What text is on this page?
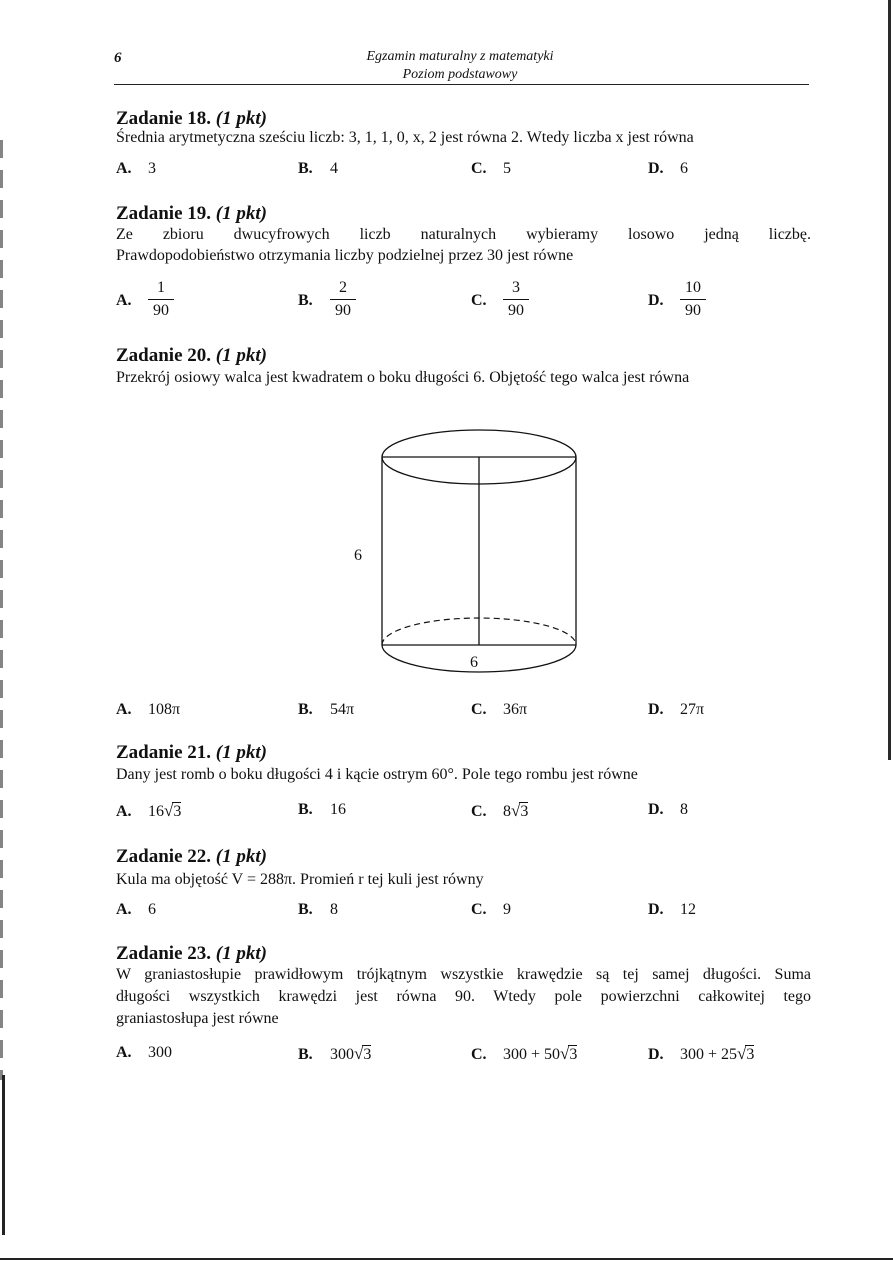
6	Egzamin maturalny z matematyki
Poziom podstawowy
Zadanie 18. (1 pkt)
Średnia arytmetyczna sześciu liczb: 3, 1, 1, 0, x, 2 jest równa 2. Wtedy liczba x jest równa
A. 3	B. 4	C. 5	D. 6
Zadanie 19. (1 pkt)
Ze zbioru dwucyfrowych liczb naturalnych wybieramy losowo jedną liczbę.
Prawdopodobieństwo otrzymania liczby podzielnej przez 30 jest równe
A. $\frac{1}{90}$	B. $\frac{2}{90}$	C. $\frac{3}{90}$	D. $\frac{10}{90}$
Zadanie 20. (1 pkt)
Przekrój osiowy walca jest kwadratem o boku długości 6. Objętość tego walca jest równa
6
6
A. 108π	B. 54π	C. 36π	D. 27π
Zadanie 21. (1 pkt)
Dany jest romb o boku długości 4 i kącie ostrym 60°. Pole tego rombu jest równe
A. 16√3	B. 16	C. 8√3	D. 8
Zadanie 22. (1 pkt)
Kula ma objętość V = 288π. Promień r tej kuli jest równy
A. 6	B. 8	C. 9	D. 12
Zadanie 23. (1 pkt)
W graniastosłupie prawidłowym trójkątnym wszystkie krawędzie są tej samej długości. Suma
długości wszystkich krawędzi jest równa 90. Wtedy pole powierzchni całkowitej tego
graniastosłupa jest równe
A. 300	B. 300√3	C. 300 + 50√3	D. 300 + 25√3
